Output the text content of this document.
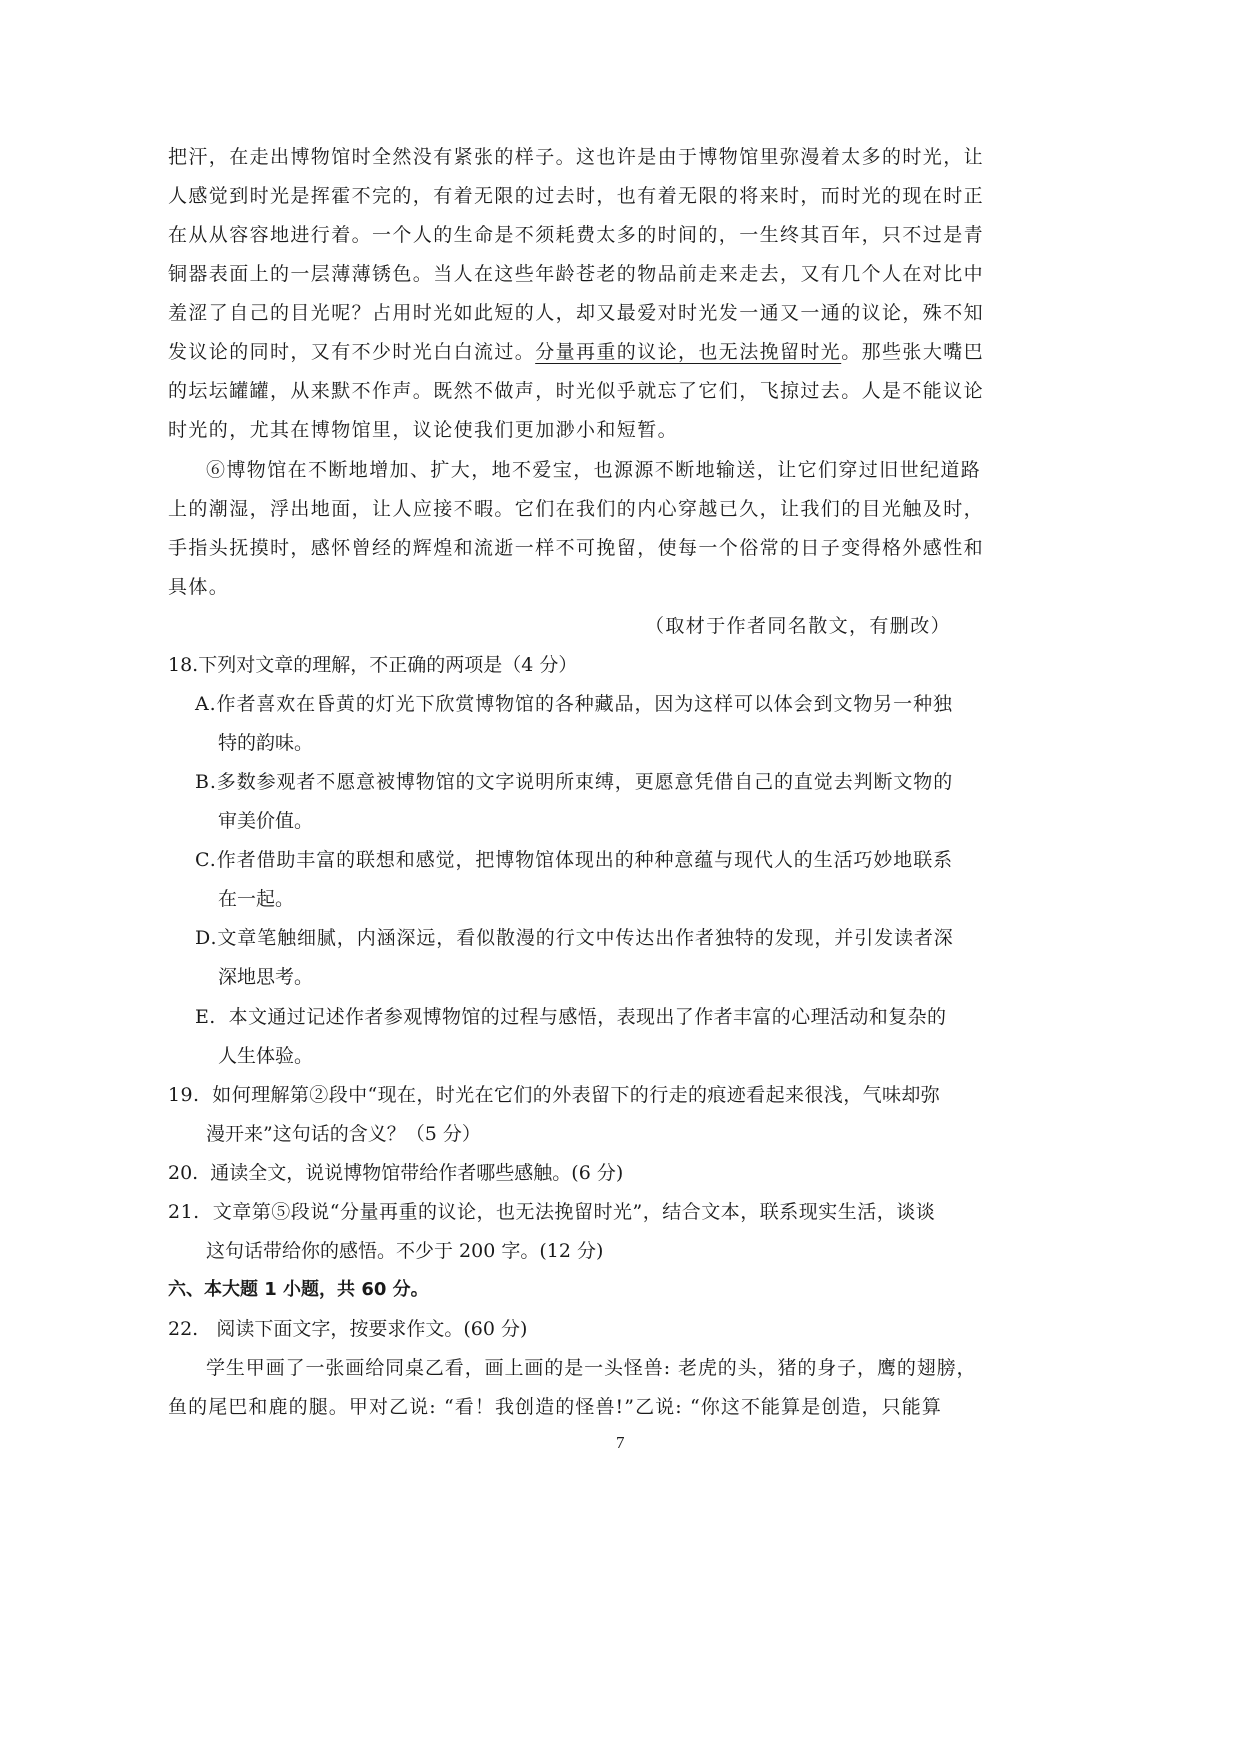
把汗，在走出博物馆时全然没有紧张的样子。这也许是由于博物馆里弥漫着太多的时光，让

人感觉到时光是挥霍不完的，有着无限的过去时，也有着无限的将来时，而时光的现在时正

在从从容容地进行着。一个人的生命是不须耗费太多的时间的，一生终其百年，只不过是青

铜器表面上的一层薄薄锈色。当人在这些年龄苍老的物品前走来走去，又有几个人在对比中

羞涩了自己的目光呢？占用时光如此短的人，却又最爱对时光发一通又一通的议论，殊不知

发议论的同时，又有不少时光白白流过。分量再重的议论，也无法挽留时光。那些张大嘴巴

的坛坛罐罐，从来默不作声。既然不做声，时光似乎就忘了它们，飞掠过去。人是不能议论

时光的，尤其在博物馆里，议论使我们更加渺小和短暂。

⑥博物馆在不断地增加、扩大，地不爱宝，也源源不断地输送，让它们穿过旧世纪道路

上的潮湿，浮出地面，让人应接不暇。它们在我们的内心穿越已久，让我们的目光触及时，

手指头抚摸时，感怀曾经的辉煌和流逝一样不可挽留，使每一个俗常的日子变得格外感性和

具体。

（取材于作者同名散文，有删改）

18.下列对文章的理解，不正确的两项是（4 分）

A.作者喜欢在昏黄的灯光下欣赏博物馆的各种藏品，因为这样可以体会到文物另一种独

特的韵味。

B.多数参观者不愿意被博物馆的文字说明所束缚，更愿意凭借自己的直觉去判断文物的

审美价值。

C.作者借助丰富的联想和感觉，把博物馆体现出的种种意蕴与现代人的生活巧妙地联系

在一起。

D.文章笔触细腻，内涵深远，看似散漫的行文中传达出作者独特的发现，并引发读者深

深地思考。

E.  本文通过记述作者参观博物馆的过程与感悟，表现出了作者丰富的心理活动和复杂的

人生体验。

19.  如何理解第②段中“现在，时光在它们的外表留下的行走的痕迹看起来很浅，气味却弥

漫开来”这句话的含义？（5 分）

20.  通读全文，说说博物馆带给作者哪些感触。(6 分)

21.  文章第⑤段说“分量再重的议论，也无法挽留时光”，结合文本，联系现实生活，谈谈

这句话带给你的感悟。不少于 200 字。(12 分)

六、本大题 1 小题，共 60 分。

22.   阅读下面文字，按要求作文。(60 分)

学生甲画了一张画给同桌乙看，画上画的是一头怪兽: 老虎的头，猪的身子，鹰的翅膀，

鱼的尾巴和鹿的腿。甲对乙说: “看！我创造的怪兽!”乙说: “你这不能算是创造，只能算

7
